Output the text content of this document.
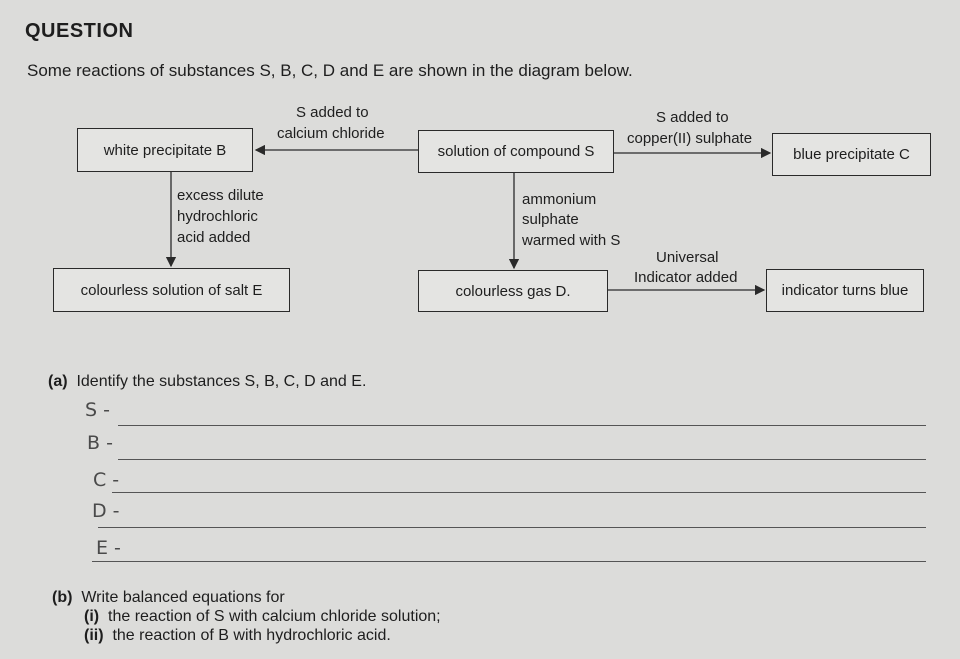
QUESTION
Some reactions of substances S, B, C, D and E are shown in the diagram below.
white precipitate B	solution of compound S	blue precipitate C
colourless solution of salt E	colourless gas D.	indicator turns blue
S added to
calcium chloride
S added to
copper(II) sulphate
excess dilute
hydrochloric
acid added
ammonium
sulphate
warmed with S
Universal
Indicator added
(a) Identify the substances S, B, C, D and E.
S -
B -
C -
D -
E -
(b) Write balanced equations for
(i) the reaction of S with calcium chloride solution;
(ii) the reaction of B with hydrochloric acid.
